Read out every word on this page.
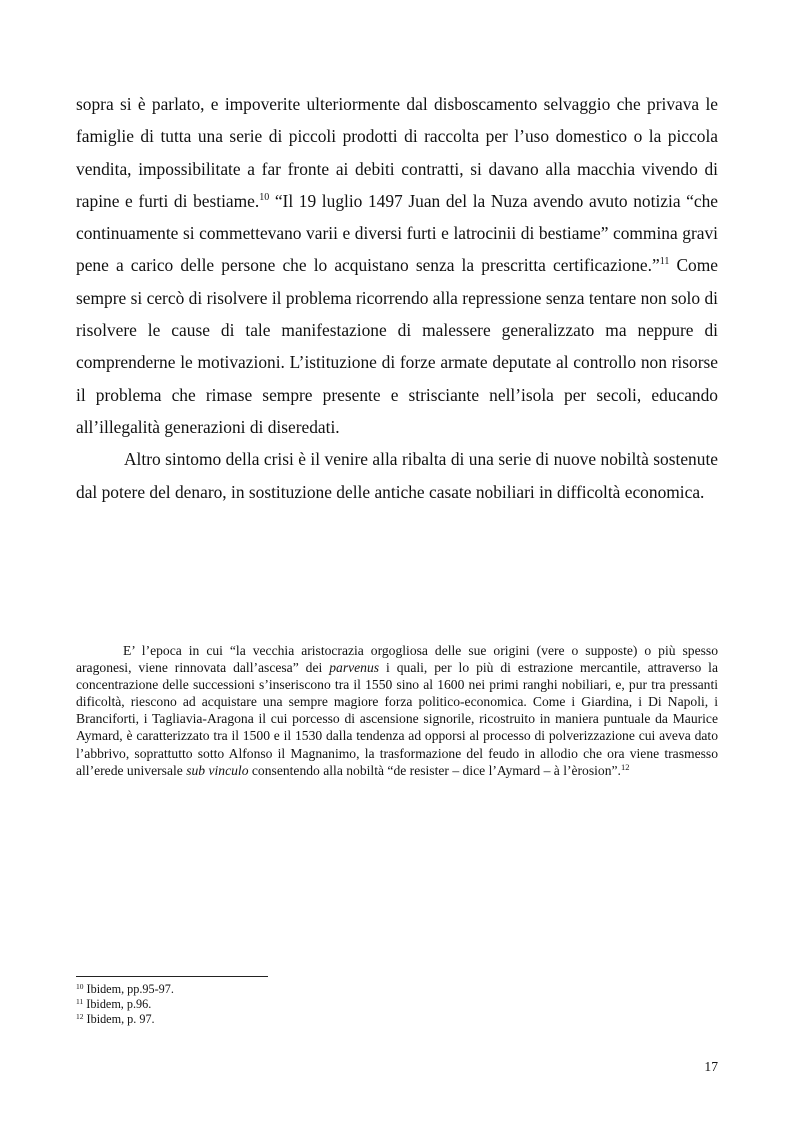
sopra si è parlato, e impoverite ulteriormente dal disboscamento selvaggio che privava le famiglie di tutta una serie di piccoli prodotti di raccolta per l’uso domestico o la piccola vendita, impossibilitate a far fronte ai debiti contratti, si davano alla macchia vivendo di rapine e furti di bestiame.$^{10}$ “Il 19 luglio 1497 Juan del la Nuza avendo avuto notizia “che continuamente si commettevano varii e diversi furti e latrocinii di bestiame” commina gravi pene a carico delle persone che lo acquistano senza la prescritta certificazione.”$^{11}$ Come sempre si cercò di risolvere il problema ricorrendo alla repressione senza tentare non solo di risolvere le cause di tale manifestazione di malessere generalizzato ma neppure di comprenderne le motivazioni. L’istituzione di forze armate deputate al controllo non risorse il problema che rimase sempre presente e strisciante nell’isola per secoli, educando all’illegalità generazioni di diseredati.

Altro sintomo della crisi è il venire alla ribalta di una serie di nuove nobiltà sostenute dal potere del denaro, in sostituzione delle antiche casate nobiliari in difficoltà economica.

E’ l’epoca in cui “la vecchia aristocrazia orgogliosa delle sue origini (vere o supposte) o più spesso aragonesi, viene rinnovata dall’ascesa” dei parvenus i quali, per lo più di estrazione mercantile, attraverso la concentrazione delle successioni s’inseriscono tra il 1550 sino al 1600 nei primi ranghi nobiliari, e, pur tra pressanti dificoltà, riescono ad acquistare una sempre magiore forza politico-economica. Come i Giardina, i Di Napoli, i Branciforti, i Tagliavia-Aragona il cui porcesso di ascensione signorile, ricostruito in maniera puntuale da Maurice Aymard, è caratterizzato tra il 1500 e il 1530 dalla tendenza ad opporsi al processo di polverizzazione cui aveva dato l’abbrivo, soprattutto sotto Alfonso il Magnanimo, la trasformazione del feudo in allodio che ora viene trasmesso all’erede universale sub vinculo consentendo alla nobiltà “de resister – dice l’Aymard – à l’èrosion”.$^{12}$
$^{10}$ Ibidem, pp.95-97.
$^{11}$ Ibidem, p.96.
$^{12}$ Ibidem, p. 97.
17
